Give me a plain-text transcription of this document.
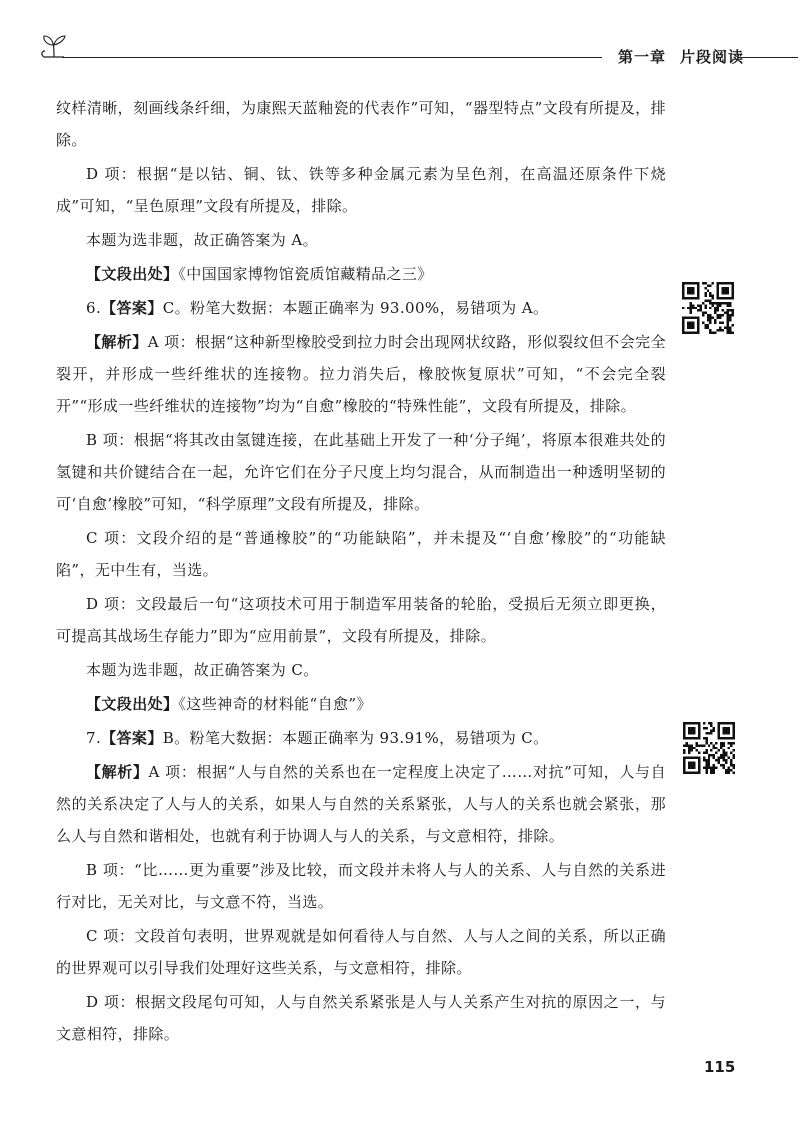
第一章 片段阅读

纹样清晰，刻画线条纤细，为康熙天蓝釉瓷的代表作”可知，“器型特点”文段有所提及，排除。

D 项：根据“是以钴、铜、钛、铁等多种金属元素为呈色剂，在高温还原条件下烧成”可知，“呈色原理”文段有所提及，排除。

本题为选非题，故正确答案为 A。

【文段出处】《中国国家博物馆瓷质馆藏精品之三》

6.【答案】C。粉笔大数据：本题正确率为 93.00%，易错项为 A。

【解析】A 项：根据“这种新型橡胶受到拉力时会出现网状纹路，形似裂纹但不会完全裂开，并形成一些纤维状的连接物。拉力消失后，橡胶恢复原状”可知，“不会完全裂开”“形成一些纤维状的连接物”均为“自愈”橡胶的“特殊性能”，文段有所提及，排除。

B 项：根据“将其改由氢键连接，在此基础上开发了一种‘分子绳’，将原本很难共处的氢键和共价键结合在一起，允许它们在分子尺度上均匀混合，从而制造出一种透明坚韧的可‘自愈’橡胶”可知，“科学原理”文段有所提及，排除。

C 项：文段介绍的是“普通橡胶”的“功能缺陷”，并未提及“‘自愈’橡胶”的“功能缺陷”，无中生有，当选。

D 项：文段最后一句“这项技术可用于制造军用装备的轮胎，受损后无须立即更换，可提高其战场生存能力”即为“应用前景”，文段有所提及，排除。

本题为选非题，故正确答案为 C。

【文段出处】《这些神奇的材料能“自愈”》

7.【答案】B。粉笔大数据：本题正确率为 93.91%，易错项为 C。

【解析】A 项：根据“人与自然的关系也在一定程度上决定了……对抗”可知，人与自然的关系决定了人与人的关系，如果人与自然的关系紧张，人与人的关系也就会紧张，那么人与自然和谐相处，也就有利于协调人与人的关系，与文意相符，排除。

B 项：“比……更为重要”涉及比较，而文段并未将人与人的关系、人与自然的关系进行对比，无关对比，与文意不符，当选。

C 项：文段首句表明，世界观就是如何看待人与自然、人与人之间的关系，所以正确的世界观可以引导我们处理好这些关系，与文意相符，排除。

D 项：根据文段尾句可知，人与自然关系紧张是人与人关系产生对抗的原因之一，与文意相符，排除。

115
